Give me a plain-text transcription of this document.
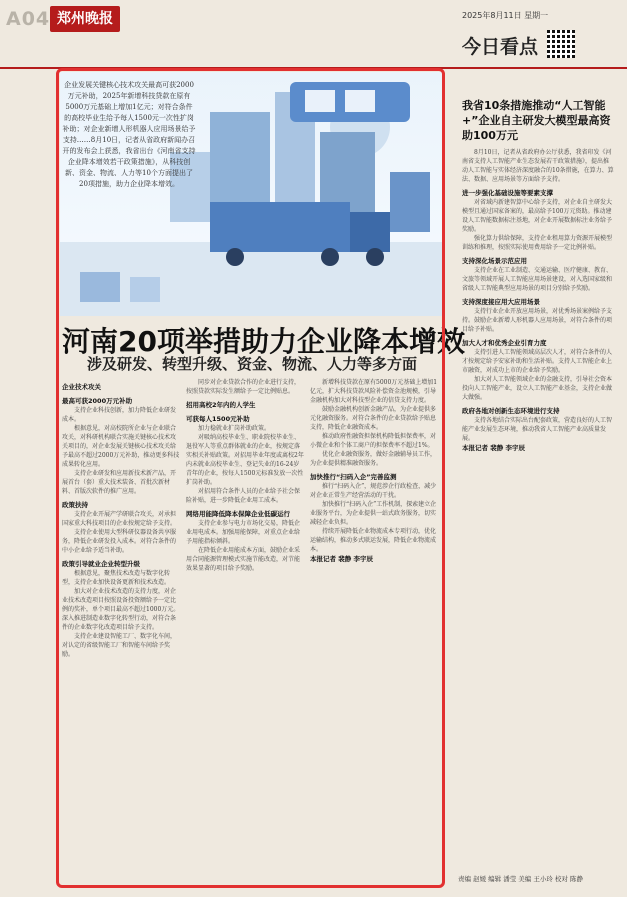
A04 郑州晚报	2025年8月11日 星期一
今日看点
企业发展关键核心技术攻关最高可获2000万元补助，2025年新增科技贷款在原有5000万元基础上增加1亿元；对符合条件的高校毕业生给予每人1500元一次性扩岗补助；对企业新增人形机器人应用场景给予支持……8月10日，记者从省政府新闻办召开的发布会上获悉，我省出台《河南省支持企业降本增效若干政策措施》，从科技创新、资金、物流、人力等10个方面提出了20项措施，助力企业降本增效。
河南20项举措助力企业降本增效
涉及研发、转型升级、资金、物流、人力等多方面
企业技术攻关
最高可获2000万元补助

支持企业科技创新，加力降低企业研发成本。

根据意见，对高校院所企业与企业联合攻关，对科研机构联合实施关键核心技术攻关项目的，对企业发展关键核心技术攻关给予最高不超过2000万元补助，推动更多科技成果转化应用。

支持企业研发和应用新技术新产品，开展首台（套）重大技术装备、首批次新材料、首版次软件的推广应用。

政策扶持

支持企业开展产学研联合攻关，对承担国家重大科技项目的企业按规定给予支持。

支持企业使用大型科研仪器设备共享服务，降低企业研发投入成本。对符合条件的中小企业给予适当补助。

政策引导就业企业转型升级

根据意见，聚焦技术改造与数字化转型，支持企业加快设备更新和技术改造。

加大对企业技术改造的支持力度，对企业技术改造项目按照设备投资额给予一定比例的奖补，单个项目最高不超过1000万元。深入推进制造业数字化转型行动，对符合条件的企业数字化改造项目给予支持。

支持企业建设智能工厂、数字化车间，对认定的省级智能工厂和智能车间给予奖励。

同步对企业贷款合作的企业进行支持，按照贷款实际发生额给予一定比例贴息。

招用高校2年内的人学生
可获每人1500元补助

加力稳就业扩岗补助政策。

对吸纳高校毕业生、职业院校毕业生、退役军人等重点群体就业的企业，按规定落实相关补贴政策。对招用毕业年度或离校2年内未就业高校毕业生、登记失业的16-24岁青年的企业，按每人1500元标准发放一次性扩岗补助。

对招用符合条件人员的企业给予社会保险补贴，进一步降低企业用工成本。

网络用能降低降本保障企业低碳运行

支持企业参与电力市场化交易，降低企业用电成本。加强用能保障，对重点企业给予用能指标倾斜。

在降低企业用能成本方面，鼓励企业采用合同能源管理模式实施节能改造，对节能效果显著的项目给予奖励。

新增科技贷款在原有5000万元基础上增加1亿元，扩大科技贷款风险补偿资金池规模，引导金融机构加大对科技型企业的信贷支持力度。

鼓励金融机构创新金融产品，为企业提供多元化融资服务。对符合条件的企业贷款给予贴息支持，降低企业融资成本。

推动政府性融资担保机构降低担保费率，对小微企业和个体工商户的担保费率不超过1%。

优化企业融资服务，做好金融辅导员工作，为企业提供精准融资服务。

加快推行“扫码入企”完善监测

推行“扫码入企”，规范涉企行政检查，减少对企业正常生产经营活动的干扰。

加快推行“扫码入企”工作机制，探索建立企业服务平台，为企业提供一站式政务服务，切实减轻企业负担。

持续开展降低企业物流成本专项行动，优化运输结构，推动多式联运发展，降低企业物流成本。

本报记者 裴静 李宇辰
我省10条措施推动“人工智能+”企业自主研发大模型最高资助100万元

8月10日，记者从省政府办公厅获悉，我省印发《河南省支持人工智能产业生态发展若干政策措施》，提出推动人工智能与实体经济深度融合的10条措施，在算力、算法、数据、应用场景等方面给予支持。

进一步强化基础设施等要素支撑

对省域内新建智算中心给予支持，对企业自主研发大模型且通过国家备案的，最高给予100万元资助。推动建设人工智能数据标注基地，对企业开展数据标注业务给予奖励。

强化算力供给保障，支持企业租用算力资源开展模型训练和推理，按照实际使用费用给予一定比例补贴。

支持深化场景示范应用

支持企业在工业制造、交通运输、医疗健康、教育、文旅等领域开展人工智能应用场景建设，对入选国家级和省级人工智能典型应用场景的项目分别给予奖励。

支持深度接应用大应用场景

支持行业企业开放应用场景，对优秀场景案例给予支持。鼓励企业新增人形机器人应用场景，对符合条件的项目给予补贴。

加大人才和优秀企业引育力度

支持引进人工智能领域高层次人才，对符合条件的人才按规定给予安家补助和生活补贴。支持人工智能企业上市融资，对成功上市的企业给予奖励。

加大对人工智能领域企业的金融支持，引导社会资本投向人工智能产业，设立人工智能产业基金，支持企业做大做强。

政府各地对创新生态环境进行支持

支持各地结合实际出台配套政策，营造良好的人工智能产业发展生态环境，推动我省人工智能产业高质量发展。

本报记者 裴静 李宇辰
责编 赵媛 编辑 潘莹 美编 王小玲 校对 陈静
